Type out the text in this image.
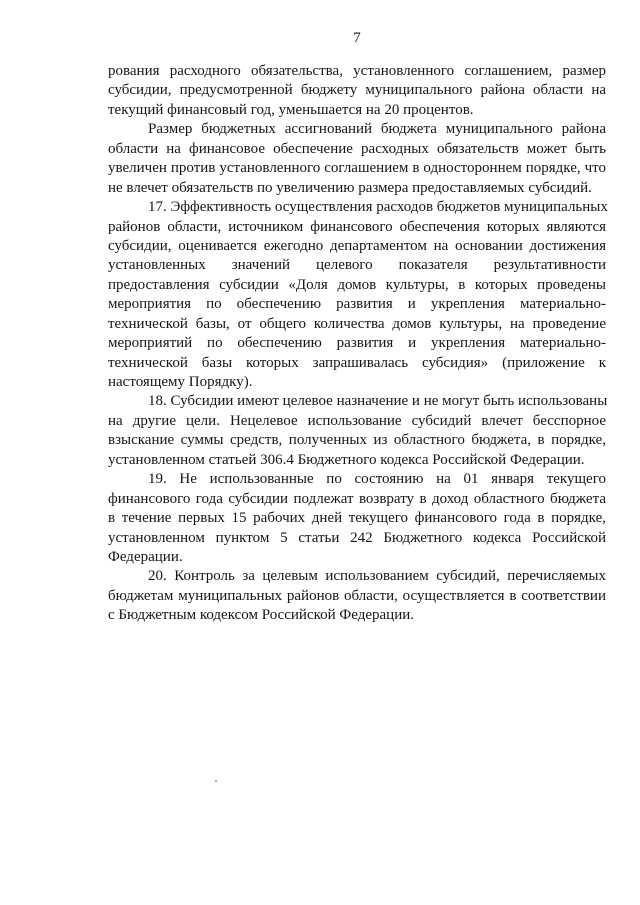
7
рования расходного обязательства, установленного соглашением, размер
субсидии, предусмотренной бюджету муниципального района области на
текущий финансовый год, уменьшается на 20 процентов.
Размер бюджетных ассигнований бюджета муниципального района
области на финансовое обеспечение расходных обязательств может быть
увеличен против установленного соглашением в одностороннем порядке, что
не влечет обязательств по увеличению размера предоставляемых субсидий.
17. Эффективность осуществления расходов бюджетов муниципальных
районов области, источником финансового обеспечения которых являются
субсидии, оценивается ежегодно департаментом на основании достижения
установленных значений целевого показателя результативности
предоставления субсидии «Доля домов культуры, в которых проведены
мероприятия по обеспечению развития и укрепления материально-
технической базы, от общего количества домов культуры, на проведение
мероприятий по обеспечению развития и укрепления материально-
технической базы которых запрашивалась субсидия» (приложение к
настоящему Порядку).
18. Субсидии имеют целевое назначение и не могут быть использованы
на другие цели. Нецелевое использование субсидий влечет бесспорное
взыскание суммы средств, полученных из областного бюджета, в порядке,
установленном статьей 306.4 Бюджетного кодекса Российской Федерации.
19. Не использованные по состоянию на 01 января текущего
финансового года субсидии подлежат возврату в доход областного бюджета
в течение первых 15 рабочих дней текущего финансового года в порядке,
установленном пунктом 5 статьи 242 Бюджетного кодекса Российской
Федерации.
20. Контроль за целевым использованием субсидий, перечисляемых
бюджетам муниципальных районов области, осуществляется в соответствии
с Бюджетным кодексом Российской Федерации.
